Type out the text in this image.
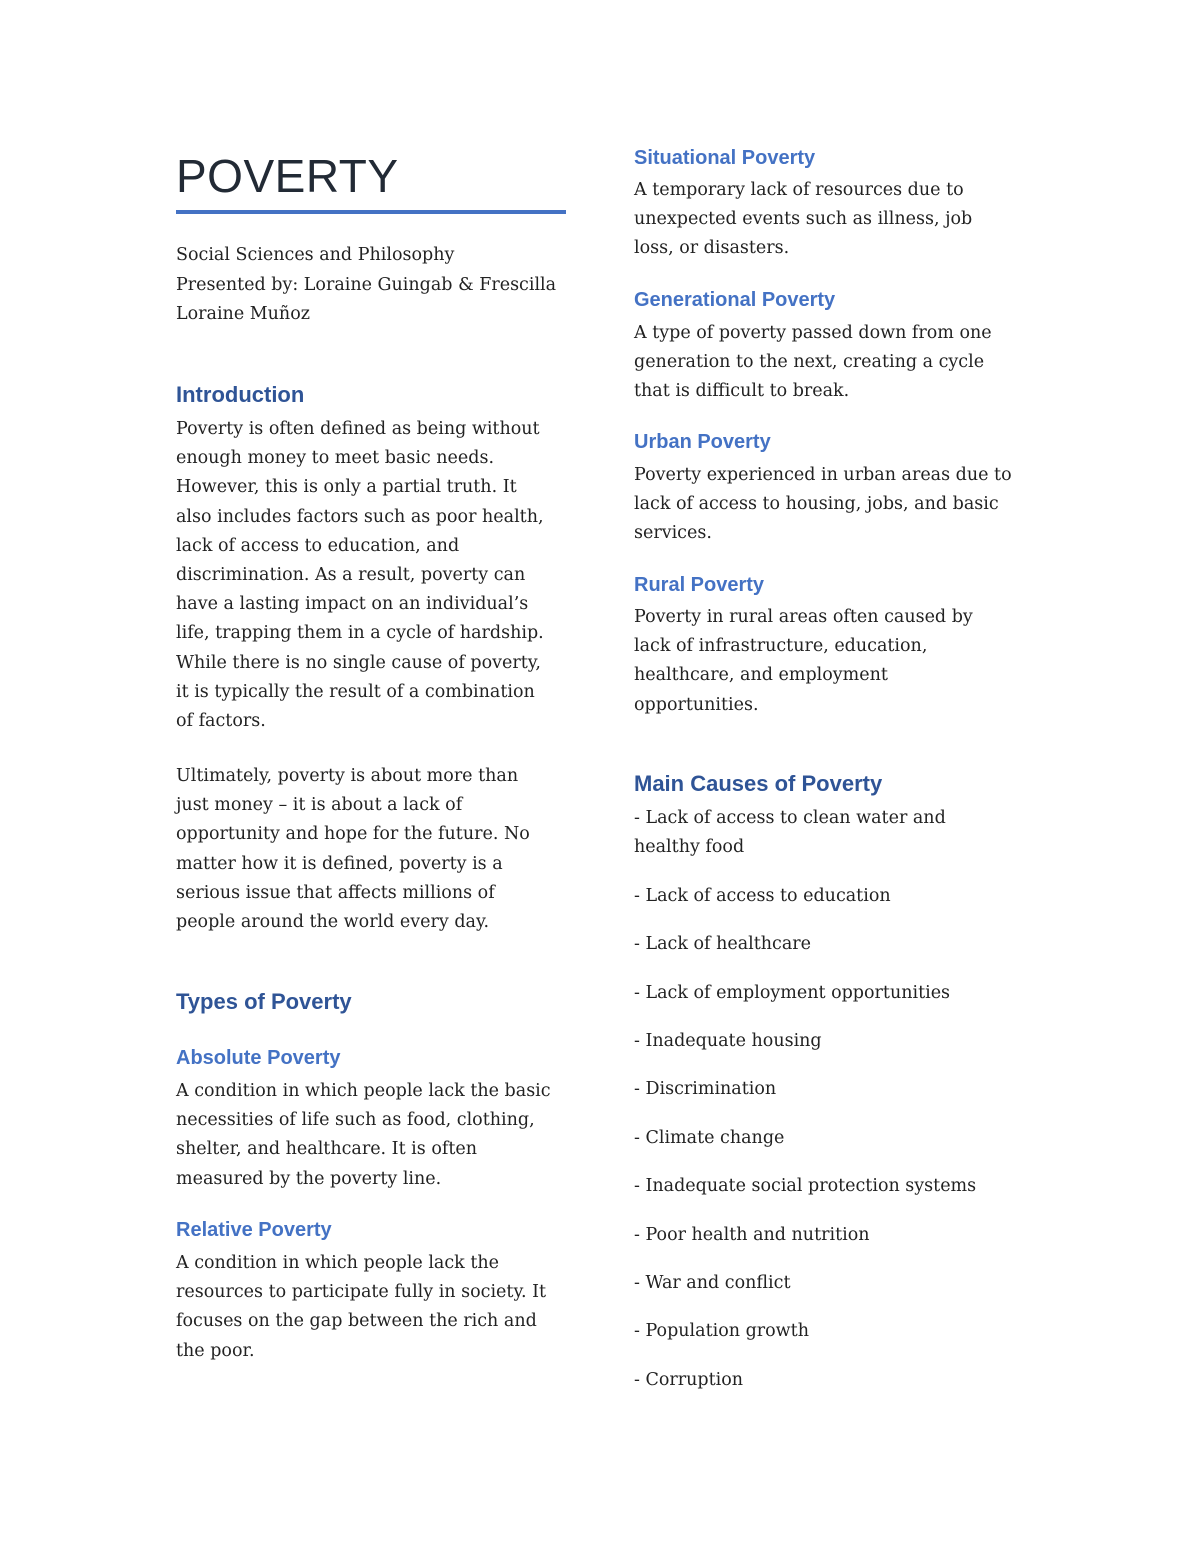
POVERTY
Social Sciences and Philosophy
Presented by: Loraine Guingab & Frescilla
Loraine Muñoz
Introduction

Poverty is often defined as being without enough money to meet basic needs. However, this is only a partial truth. It also includes factors such as poor health, lack of access to education, and discrimination. As a result, poverty can have a lasting impact on an individual’s life, trapping them in a cycle of hardship. While there is no single cause of poverty, it is typically the result of a combination of factors.

Ultimately, poverty is about more than just money – it is about a lack of opportunity and hope for the future. No matter how it is defined, poverty is a serious issue that affects millions of people around the world every day.

Types of Poverty
Absolute Poverty

A condition in which people lack the basic necessities of life such as food, clothing, shelter, and healthcare. It is often measured by the poverty line.

Relative Poverty

A condition in which people lack the resources to participate fully in society. It focuses on the gap between the rich and the poor.

Situational Poverty

A temporary lack of resources due to unexpected events such as illness, job loss, or disasters.

Generational Poverty

A type of poverty passed down from one generation to the next, creating a cycle that is difficult to break.

Urban Poverty

Poverty experienced in urban areas due to lack of access to housing, jobs, and basic services.

Rural Poverty

Poverty in rural areas often caused by lack of infrastructure, education, healthcare, and employment opportunities.

Main Causes of Poverty
- Lack of access to clean water and healthy food
- Lack of access to education
- Lack of healthcare
- Lack of employment opportunities
- Inadequate housing
- Discrimination
- Climate change
- Inadequate social protection systems
- Poor health and nutrition
- War and conflict
- Population growth
- Corruption
